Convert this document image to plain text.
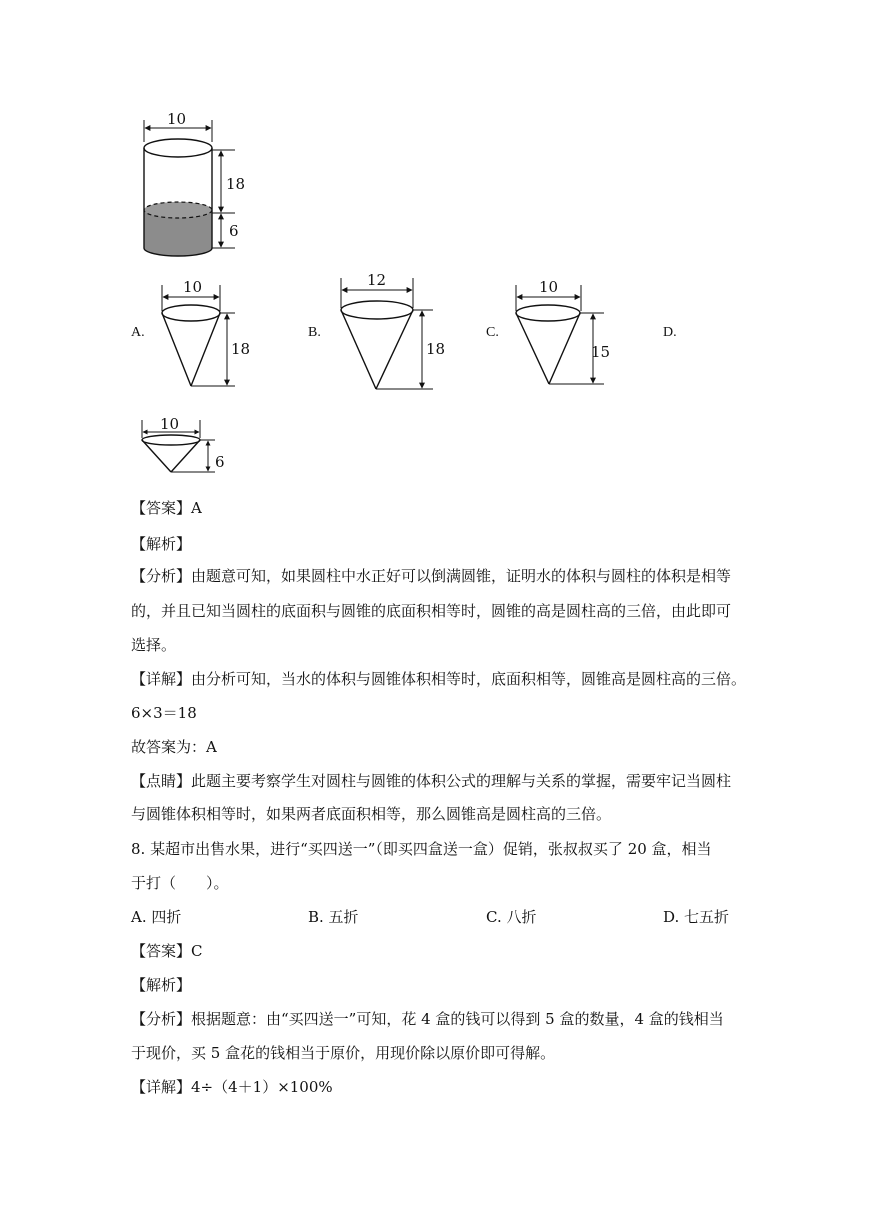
10
18
6
A.	B.	C.	D.
10
18
12
18
10
15
10
6
【答案】A
【解析】
【分析】由题意可知，如果圆柱中水正好可以倒满圆锥，证明水的体积与圆柱的体积是相等
的，并且已知当圆柱的底面积与圆锥的底面积相等时，圆锥的高是圆柱高的三倍，由此即可
选择。
【详解】由分析可知，当水的体积与圆锥体积相等时，底面积相等，圆锥高是圆柱高的三倍。
6×3＝18
故答案为：A
【点睛】此题主要考察学生对圆柱与圆锥的体积公式的理解与关系的掌握，需要牢记当圆柱
与圆锥体积相等时，如果两者底面积相等，那么圆锥高是圆柱高的三倍。
8. 某超市出售水果，进行“买四送一”（即买四盒送一盒）促销，张叔叔买了 20 盒，相当
于打（　　）。
A. 四折	B. 五折	C. 八折	D. 七五折
【答案】C
【解析】
【分析】根据题意：由“买四送一”可知，花 4 盒的钱可以得到 5 盒的数量，4 盒的钱相当
于现价，买 5 盒花的钱相当于原价，用现价除以原价即可得解。
【详解】4÷（4＋1）×100%
